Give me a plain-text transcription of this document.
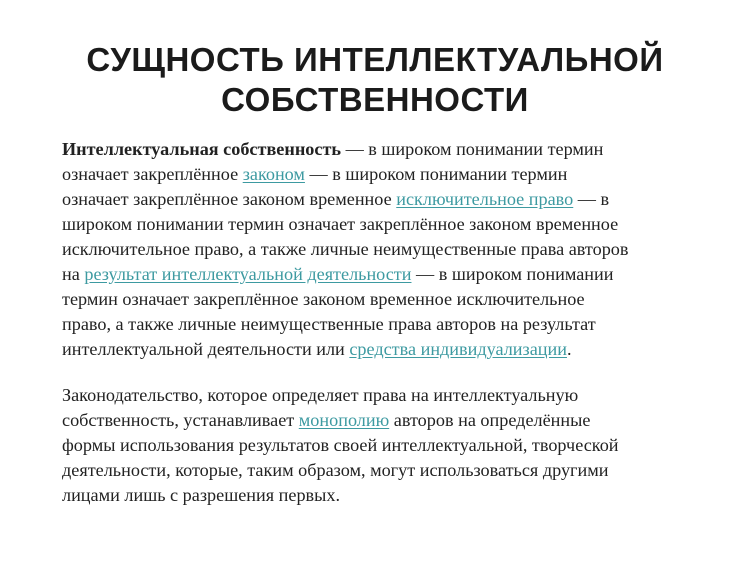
СУЩНОСТЬ ИНТЕЛЛЕКТУАЛЬНОЙ
СОБСТВЕННОСТИ

Интеллектуальная собственность — в широком понимании термин
означает закреплённое законом — в широком понимании термин
означает закреплённое законом временное исключительное право — в
широком понимании термин означает закреплённое законом временное
исключительное право, а также личные неимущественные права авторов
на результат интеллектуальной деятельности — в широком понимании
термин означает закреплённое законом временное исключительное
право, а также личные неимущественные права авторов на результат
интеллектуальной деятельности или средства индивидуализации.

Законодательство, которое определяет права на интеллектуальную
собственность, устанавливает монополию авторов на определённые
формы использования результатов своей интеллектуальной, творческой
деятельности, которые, таким образом, могут использоваться другими
лицами лишь с разрешения первых.
